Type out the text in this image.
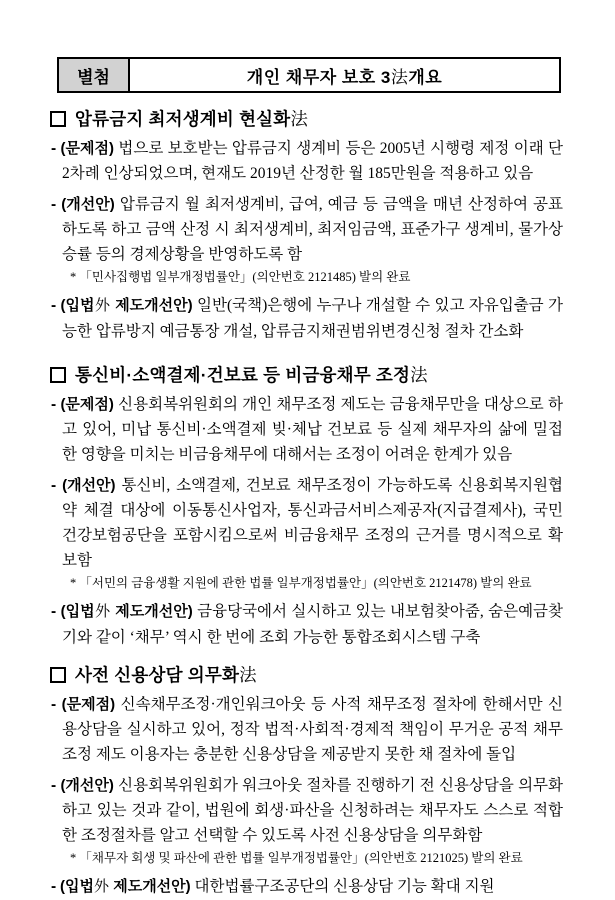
별첨	개인 채무자 보호 3 法 개요
압류금지 최저생계비 현실화法

- (문제점) 법으로 보호받는 압류금지 생계비 등은 2005년 시행령 제정 이래 단 2차례 인상되었으며, 현재도 2019년 산정한 월 185만원을 적용하고 있음

- (개선안) 압류금지 월 최저생계비, 급여, 예금 등 금액을 매년 산정하여 공표하도록 하고 금액 산정 시 최저생계비, 최저임금액, 표준가구 생계비, 물가상승률 등의 경제상황을 반영하도록 함

* 「민사집행법 일부개정법률안」(의안번호 2121485) 발의 완료

- (입법外 제도개선안) 일반(국책)은행에 누구나 개설할 수 있고 자유입출금 가능한 압류방지 예금통장 개설, 압류금지채권범위변경신청 절차 간소화

통신비·소액결제·건보료 등 비금융채무 조정法

- (문제점) 신용회복위원회의 개인 채무조정 제도는 금융채무만을 대상으로 하고 있어, 미납 통신비·소액결제 빚·체납 건보료 등 실제 채무자의 삶에 밀접한 영향을 미치는 비금융채무에 대해서는 조정이 어려운 한계가 있음

- (개선안) 통신비, 소액결제, 건보료 채무조정이 가능하도록 신용회복지원협약 체결 대상에 이동통신사업자, 통신과금서비스제공자(지급결제사), 국민건강보험공단을 포함시킴으로써 비금융채무 조정의 근거를 명시적으로 확보함

* 「서민의 금융생활 지원에 관한 법률 일부개정법률안」(의안번호 2121478) 발의 완료

- (입법外 제도개선안) 금융당국에서 실시하고 있는 내보험찾아줌, 숨은예금찾기와 같이 ‘채무’ 역시 한 번에 조회 가능한 통합조회시스템 구축

사전 신용상담 의무화法

- (문제점) 신속채무조정·개인워크아웃 등 사적 채무조정 절차에 한해서만 신용상담을 실시하고 있어, 정작 법적·사회적·경제적 책임이 무거운 공적 채무조정 제도 이용자는 충분한 신용상담을 제공받지 못한 채 절차에 돌입

- (개선안) 신용회복위원회가 워크아웃 절차를 진행하기 전 신용상담을 의무화하고 있는 것과 같이, 법원에 회생·파산을 신청하려는 채무자도 스스로 적합한 조정절차를 알고 선택할 수 있도록 사전 신용상담을 의무화함

* 「채무자 회생 및 파산에 관한 법률 일부개정법률안」(의안번호 2121025) 발의 완료

- (입법外 제도개선안) 대한법률구조공단의 신용상담 기능 확대 지원
